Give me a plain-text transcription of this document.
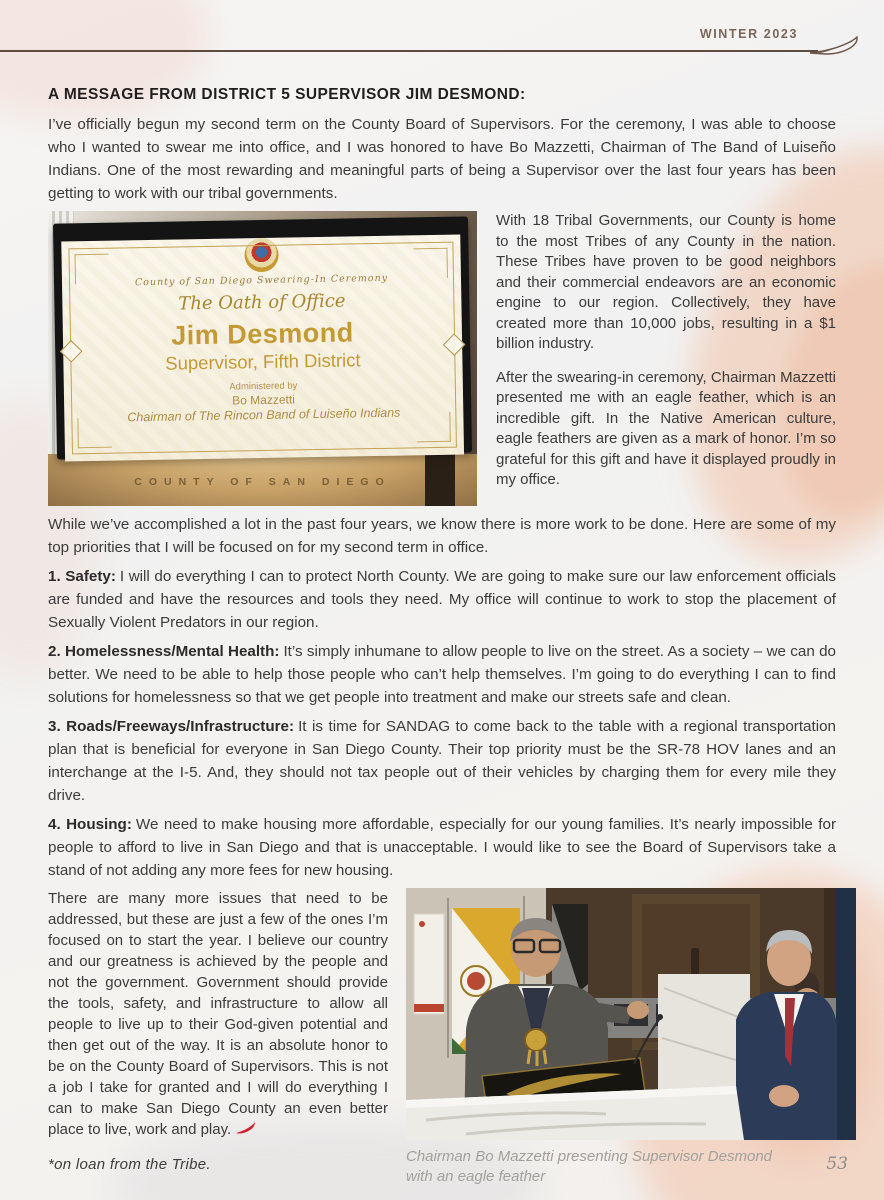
WINTER 2023
A MESSAGE FROM DISTRICT 5 SUPERVISOR JIM DESMOND:

I’ve officially begun my second term on the County Board of Supervisors. For the ceremony, I was able to choose who I wanted to swear me into office, and I was honored to have Bo Mazzetti, Chairman of The Band of Luiseño Indians. One of the most rewarding and meaningful parts of being a Supervisor over the last four years has been getting to work with our tribal governments.

COUNTY OF SAN DIEGO
County of San Diego Swearing-In Ceremony
The Oath of Office
Jim Desmond
Supervisor, Fifth District
Administered by
Bo Mazzetti
Chairman of The Rincon Band of Luiseño Indians

With 18 Tribal Governments, our County is home to the most Tribes of any County in the nation. These Tribes have proven to be good neighbors and their commercial endeavors are an economic engine to our region. Collectively, they have created more than 10,000 jobs, resulting in a $1 billion industry.

After the swearing-in ceremony, Chairman Mazzetti presented me with an eagle feather, which is an incredible gift. In the Native American culture, eagle feathers are given as a mark of honor. I’m so grateful for this gift and have it displayed proudly in my office.

While we’ve accomplished a lot in the past four years, we know there is more work to be done. Here are some of my top priorities that I will be focused on for my second term in office.

1. Safety: I will do everything I can to protect North County. We are going to make sure our law enforcement officials are funded and have the resources and tools they need. My office will continue to work to stop the placement of Sexually Violent Predators in our region.

2. Homelessness/Mental Health: It’s simply inhumane to allow people to live on the street. As a society – we can do better. We need to be able to help those people who can’t help themselves. I’m going to do everything I can to find solutions for homelessness so that we get people into treatment and make our streets safe and clean.

3. Roads/Freeways/Infrastructure: It is time for SANDAG to come back to the table with a regional transportation plan that is beneficial for everyone in San Diego County. Their top priority must be the SR-78 HOV lanes and an interchange at the I-5. And, they should not tax people out of their vehicles by charging them for every mile they drive.

4. Housing: We need to make housing more affordable, especially for our young families. It’s nearly impossible for people to afford to live in San Diego and that is unacceptable. I would like to see the Board of Supervisors take a stand of not adding any more fees for new housing.

There are many more issues that need to be addressed, but these are just a few of the ones I’m focused on to start the year. I believe our country and our greatness is achieved by the people and not the government. Government should provide the tools, safety, and infrastructure to allow all people to live up to their God-given potential and then get out of the way. It is an absolute honor to be on the County Board of Supervisors. This is not a job I take for granted and I will do everything I can to make San Diego County an even better place to live, work and play.

*on loan from the Tribe.	Chairman Bo Mazzetti presenting Supervisor Desmond with an eagle feather
53
